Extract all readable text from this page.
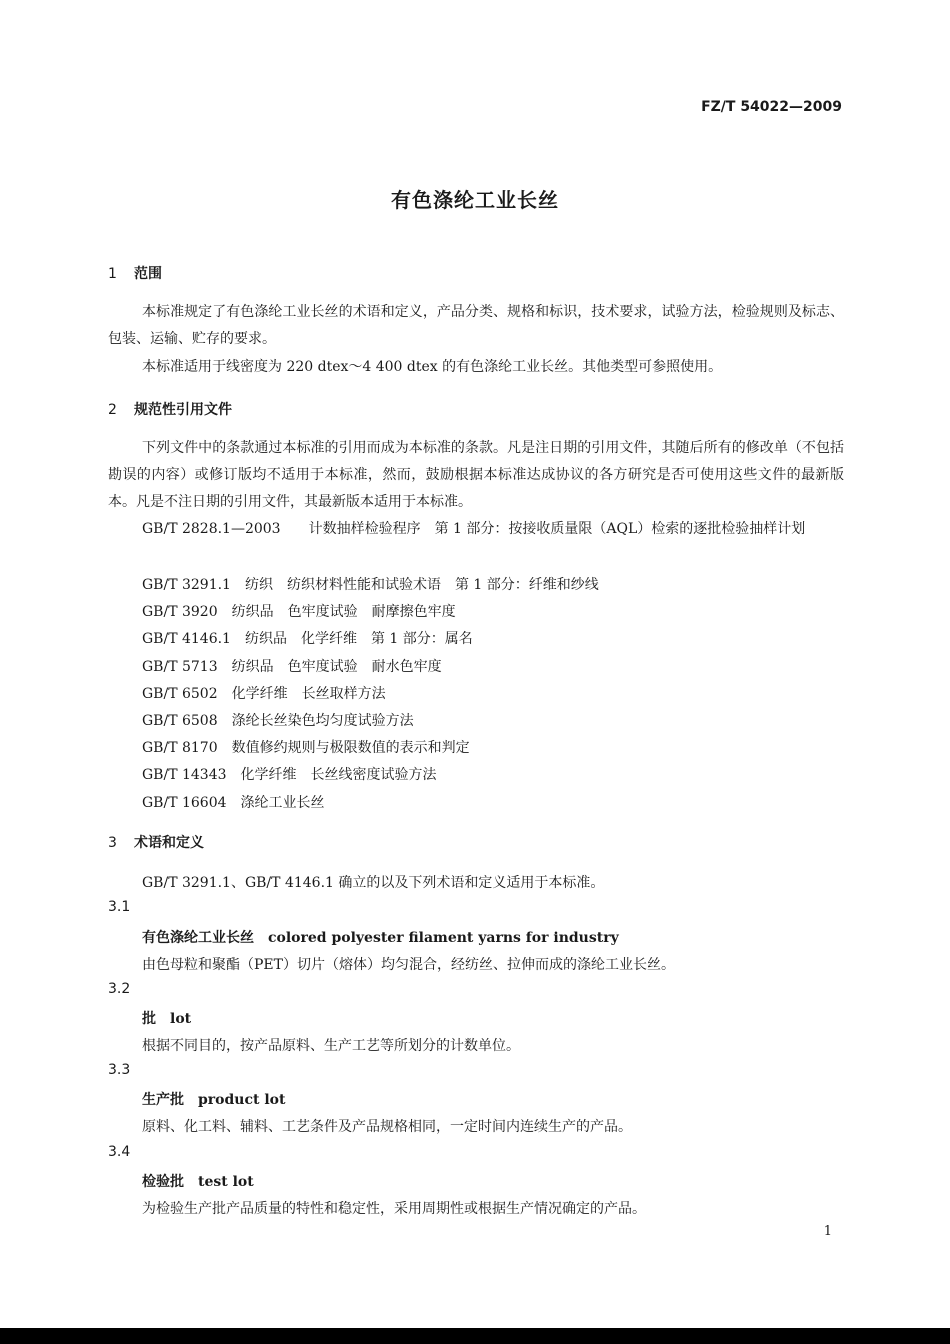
FZ/T 54022—2009
有色涤纶工业长丝
1 范围
本标准规定了有色涤纶工业长丝的术语和定义，产品分类、规格和标识，技术要求，试验方法，检验规则及标志、包装、运输、贮存的要求。
本标准适用于线密度为 220 dtex～4 400 dtex 的有色涤纶工业长丝。其他类型可参照使用。
2 规范性引用文件
下列文件中的条款通过本标准的引用而成为本标准的条款。凡是注日期的引用文件，其随后所有的修改单（不包括勘误的内容）或修订版均不适用于本标准，然而，鼓励根据本标准达成协议的各方研究是否可使用这些文件的最新版本。凡是不注日期的引用文件，其最新版本适用于本标准。
GB/T 2828.1—2003 计数抽样检验程序　第 1 部分：按接收质量限（AQL）检索的逐批检验抽样计划
GB/T 3291.1 纺织　纺织材料性能和试验术语　第 1 部分：纤维和纱线
GB/T 3920 纺织品　色牢度试验　耐摩擦色牢度
GB/T 4146.1 纺织品　化学纤维　第 1 部分：属名
GB/T 5713 纺织品　色牢度试验　耐水色牢度
GB/T 6502 化学纤维　长丝取样方法
GB/T 6508 涤纶长丝染色均匀度试验方法
GB/T 8170 数值修约规则与极限数值的表示和判定
GB/T 14343 化学纤维　长丝线密度试验方法
GB/T 16604 涤纶工业长丝
3 术语和定义
GB/T 3291.1、GB/T 4146.1 确立的以及下列术语和定义适用于本标准。
3.1
有色涤纶工业长丝　colored polyester filament yarns for industry
由色母粒和聚酯（PET）切片（熔体）均匀混合，经纺丝、拉伸而成的涤纶工业长丝。
3.2
批　lot
根据不同目的，按产品原料、生产工艺等所划分的计数单位。
3.3
生产批　product lot
原料、化工料、辅料、工艺条件及产品规格相同，一定时间内连续生产的产品。
3.4
检验批　test lot
为检验生产批产品质量的特性和稳定性，采用周期性或根据生产情况确定的产品。
1
